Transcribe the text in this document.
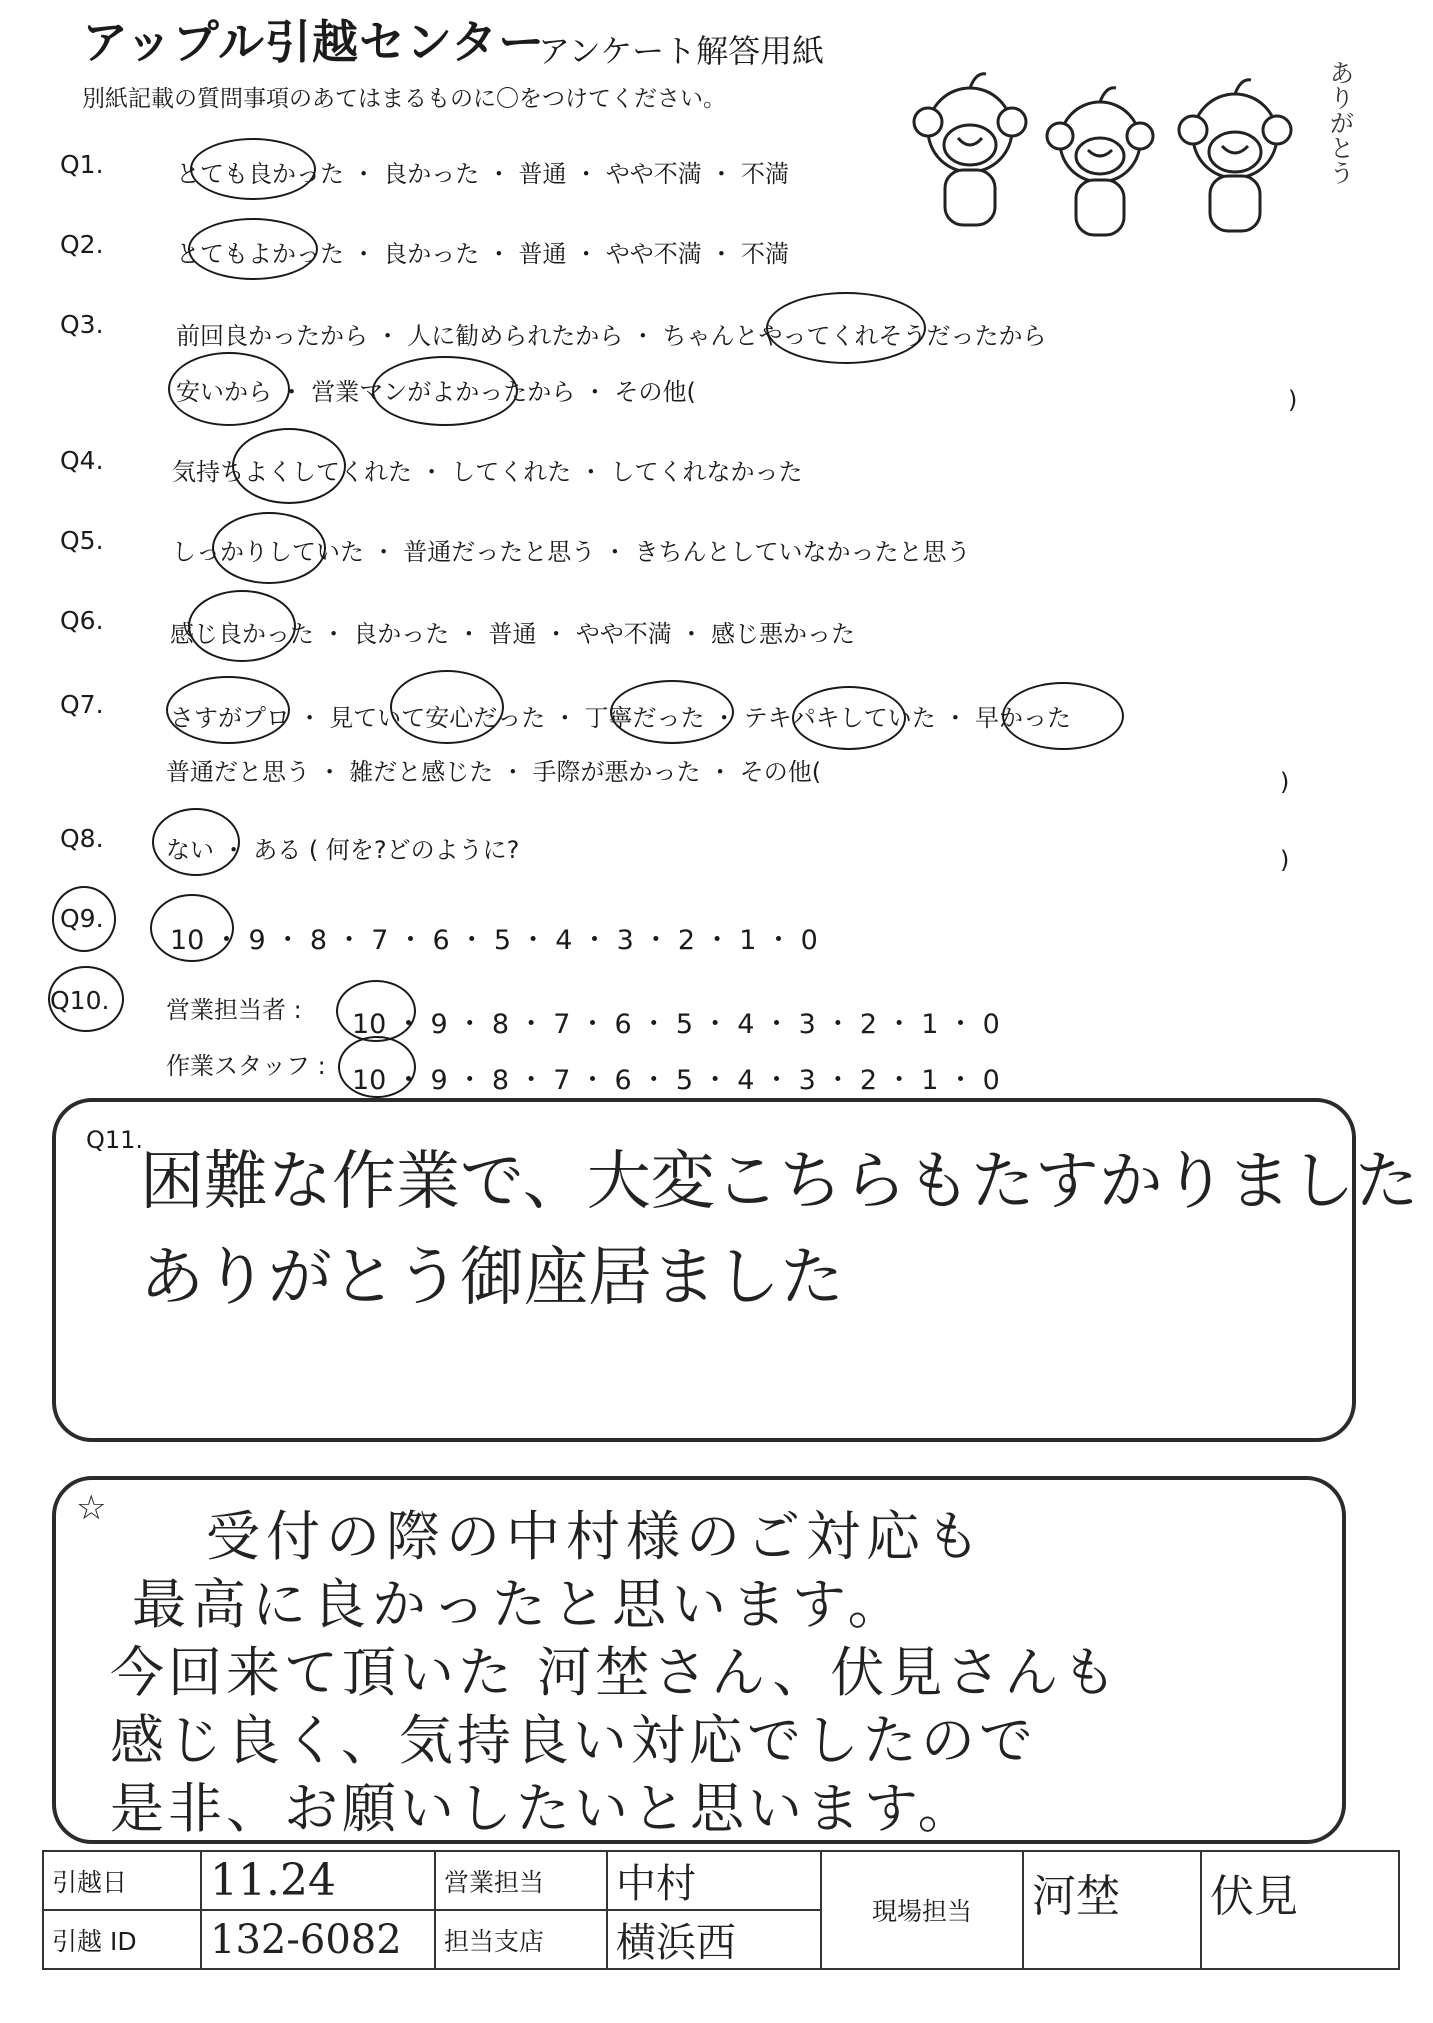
アップル引越センター
アンケート解答用紙
別紙記載の質問事項のあてはまるものに〇をつけてください。	ありがとう
Q1.	とても良かった ・ 良かった ・ 普通 ・ やや不満 ・ 不満
Q2.	とてもよかった ・ 良かった ・ 普通 ・ やや不満 ・ 不満
Q3.	前回良かったから ・ 人に勧められたから ・ ちゃんとやってくれそうだったから
安いから ・ 営業マンがよかったから ・ その他(	)
Q4.	気持ちよくしてくれた ・ してくれた ・ してくれなかった
Q5.	しっかりしていた ・ 普通だったと思う ・ きちんとしていなかったと思う
Q6.	感じ良かった ・ 良かった ・ 普通 ・ やや不満 ・ 感じ悪かった
Q7.	さすがプロ ・ 見ていて安心だった ・ 丁寧だった ・ テキパキしていた ・ 早かった
普通だと思う ・ 雑だと感じた ・ 手際が悪かった ・ その他(	)
Q8.	ない ・ ある ( 何を?どのように?	)
Q9.
10 ・ 9 ・ 8 ・ 7 ・ 6 ・ 5 ・ 4 ・ 3 ・ 2 ・ 1 ・ 0
Q10. 営業担当者 : 10 ・ 9 ・ 8 ・ 7 ・ 6 ・ 5 ・ 4 ・ 3 ・ 2 ・ 1 ・ 0
作業スタッフ : 10 ・ 9 ・ 8 ・ 7 ・ 6 ・ 5 ・ 4 ・ 3 ・ 2 ・ 1 ・ 0
Q11.
困難な作業で、大変こちらもたすかりました
ありがとう御座居ました
☆ 受付の際の中村様のご対応も
最高に良かったと思います。
今回来て頂いた 河埜さん、伏見さんも
感じ良く、気持良い対応でしたので
是非、お願いしたいと思います。
引越日	11.24	営業担当	中村	現場担当	河埜	伏見
引越 ID	132-6082	担当支店	横浜西			
